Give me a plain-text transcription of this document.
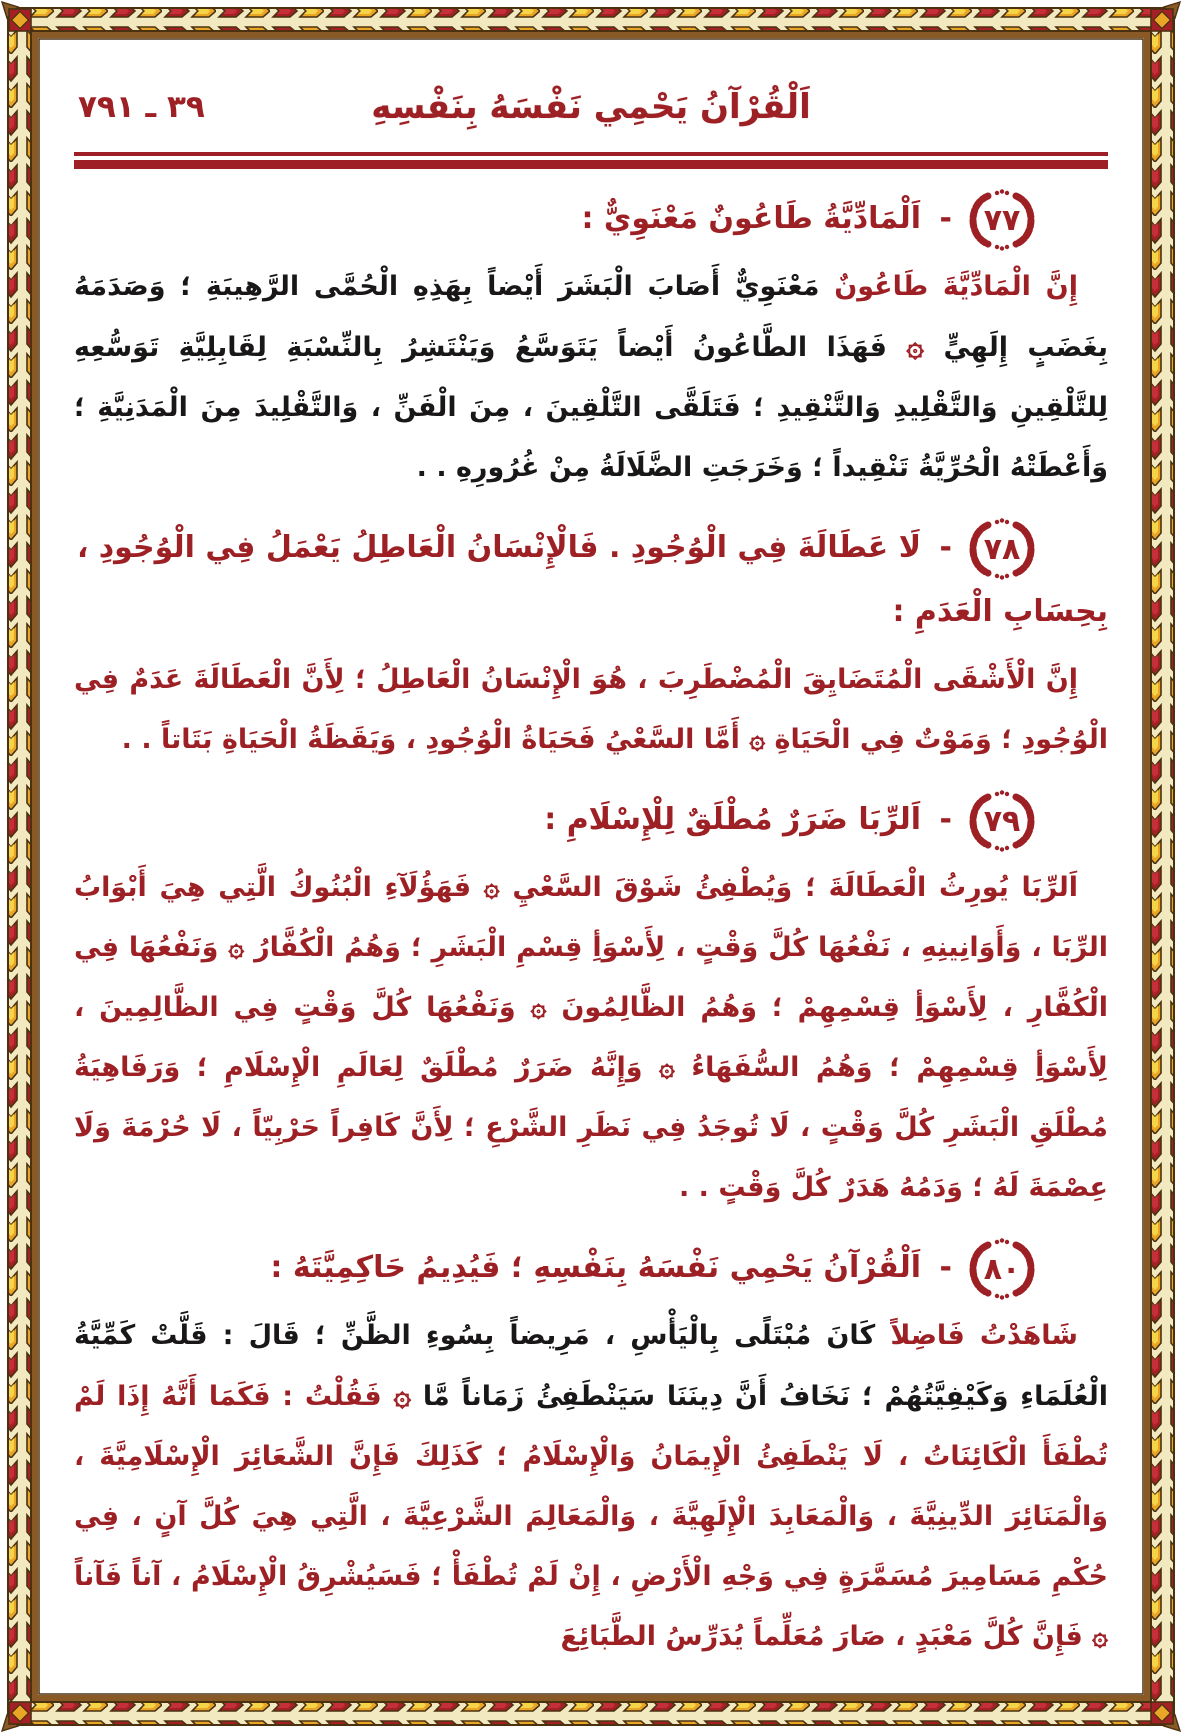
اَلْقُرْآنُ يَحْمِي نَفْسَهُ بِنَفْسِهِ
٣٩ ـ ٧٩١
٧٧
- اَلْمَادِّيَّةُ طَاعُونٌ مَعْنَوِيٌّ :

إِنَّ الْمَادِّيَّةَ طَاعُونٌ مَعْنَوِيٌّ أَصَابَ الْبَشَرَ أَيْضاً بِهَذِهِ الْحُمَّى الرَّهِيبَةِ ؛ وَصَدَمَهُ بِغَضَبٍ إِلَهِيٍّ ۞ فَهَذَا الطَّاعُونُ أَيْضاً يَتَوَسَّعُ وَيَنْتَشِرُ بِالنِّسْبَةِ لِقَابِلِيَّةِ تَوَسُّعِهِ لِلتَّلْقِينِ وَالتَّقْلِيدِ وَالتَّنْقِيدِ ؛ فَتَلَقَّى التَّلْقِينَ ، مِنَ الْفَنِّ ، وَالتَّقْلِيدَ مِنَ الْمَدَنِيَّةِ ؛ وَأَعْطَتْهُ الْحُرِّيَّةُ تَنْقِيداً ؛ وَخَرَجَتِ الضَّلَالَةُ مِنْ غُرُورِهِ . .

٧٨
- لَا عَطَالَةَ فِي الْوُجُودِ . فَالْإِنْسَانُ الْعَاطِلُ يَعْمَلُ فِي الْوُجُودِ ، بِحِسَابِ الْعَدَمِ :

إِنَّ الْأَشْقَى الْمُتَضَايِقَ الْمُضْطَرِبَ ، هُوَ الْإِنْسَانُ الْعَاطِلُ ؛ لِأَنَّ الْعَطَالَةَ عَدَمٌ فِي الْوُجُودِ ؛ وَمَوْتٌ فِي الْحَيَاةِ ۞ أَمَّا السَّعْيُ فَحَيَاةُ الْوُجُودِ ، وَيَقَظَةُ الْحَيَاةِ بَتَاتاً . .

٧٩
- اَلرِّبَا ضَرَرٌ مُطْلَقٌ لِلْإِسْلَامِ :

اَلرِّبَا يُورِثُ الْعَطَالَةَ ؛ وَيُطْفِئُ شَوْقَ السَّعْيِ ۞ فَهَؤُلَآءِ الْبُنُوكُ الَّتِي هِيَ أَبْوَابُ الرِّبَا ، وَأَوَانِينِهِ ، نَفْعُهَا كُلَّ وَقْتٍ ، لِأَسْوَأِ قِسْمِ الْبَشَرِ ؛ وَهُمُ الْكُفَّارُ ۞ وَنَفْعُهَا فِي الْكُفَّارِ ، لِأَسْوَأِ قِسْمِهِمْ ؛ وَهُمُ الظَّالِمُونَ ۞ وَنَفْعُهَا كُلَّ وَقْتٍ فِي الظَّالِمِينَ ، لِأَسْوَأِ قِسْمِهِمْ ؛ وَهُمُ السُّفَهَاءُ ۞ وَإِنَّهُ ضَرَرٌ مُطْلَقٌ لِعَالَمِ الْإِسْلَامِ ؛ وَرَفَاهِيَةُ مُطْلَقِ الْبَشَرِ كُلَّ وَقْتٍ ، لَا تُوجَدُ فِي نَظَرِ الشَّرْعِ ؛ لِأَنَّ كَافِراً حَرْبِيّاً ، لَا حُرْمَةَ وَلَا عِصْمَةَ لَهُ ؛ وَدَمُهُ هَدَرٌ كُلَّ وَقْتٍ . .

٨٠
- اَلْقُرْآنُ يَحْمِي نَفْسَهُ بِنَفْسِهِ ؛ فَيُدِيمُ حَاكِمِيَّتَهُ :

شَاهَدْتُ فَاضِلاً كَانَ مُبْتَلًى بِالْيَأْسِ ، مَرِيضاً بِسُوءِ الظَّنِّ ؛ قَالَ : قَلَّتْ كَمِّيَّةُ الْعُلَمَاءِ وَكَيْفِيَّتُهُمْ ؛ نَخَافُ أَنَّ دِينَنَا سَيَنْطَفِئُ زَمَاناً مَّا ۞ فَقُلْتُ : فَكَمَا أَنَّهُ إِذَا لَمْ تُطْفَأَ الْكَائِنَاتُ ، لَا يَنْطَفِئُ الْإِيمَانُ وَالْإِسْلَامُ ؛ كَذَلِكَ فَإِنَّ الشَّعَائِرَ الْإِسْلَامِيَّةَ ، وَالْمَنَائِرَ الدِّينِيَّةَ ، وَالْمَعَابِدَ الْإِلَهِيَّةَ ، وَالْمَعَالِمَ الشَّرْعِيَّةَ ، الَّتِي هِيَ كُلَّ آنٍ ، فِي حُكْمِ مَسَامِيرَ مُسَمَّرَةٍ فِي وَجْهِ الْأَرْضِ ، إِنْ لَمْ تُطْفَأْ ؛ فَسَيُشْرِقُ الْإِسْلَامُ ، آناً فَآناً ۞ فَإِنَّ كُلَّ مَعْبَدٍ ، صَارَ مُعَلِّماً يُدَرِّسُ الطَّبَائِعَ
